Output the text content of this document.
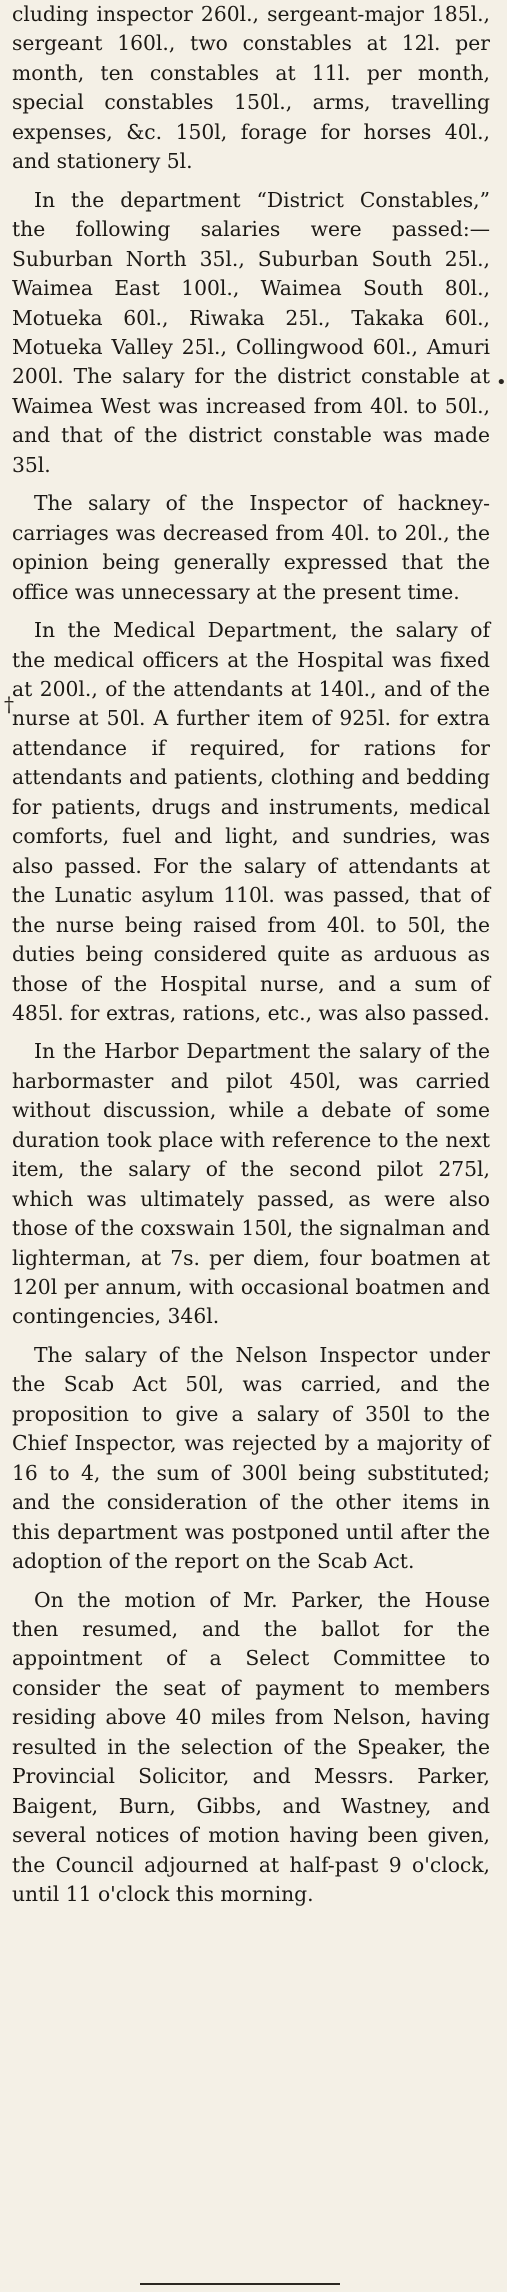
cluding inspector 260l., sergeant-major 185l., sergeant 160l., two constables at 12l. per month, ten constables at 11l. per month, special constables 150l., arms, travelling expenses, &c. 150l, forage for horses 40l., and stationery 5l.

In the department “District Constables,” the following salaries were passed:—Suburban North 35l., Suburban South 25l., Waimea East 100l., Waimea South 80l., Motueka 60l., Riwaka 25l., Takaka 60l., Motueka Valley 25l., Collingwood 60l., Amuri 200l. The salary for the district constable at Waimea West was increased from 40l. to 50l., and that of the district constable was made 35l.

The salary of the Inspector of hackney-carriages was decreased from 40l. to 20l., the opinion being generally expressed that the office was unnecessary at the present time.

In the Medical Department, the salary of the medical officers at the Hospital was fixed at 200l., of the attendants at 140l., and of the nurse at 50l. A further item of 925l. for extra attendance if required, for rations for attendants and patients, clothing and bedding for patients, drugs and instruments, medical comforts, fuel and light, and sundries, was also passed. For the salary of attendants at the Lunatic asylum 110l. was passed, that of the nurse being raised from 40l. to 50l, the duties being considered quite as arduous as those of the Hospital nurse, and a sum of 485l. for extras, rations, etc., was also passed.

In the Harbor Department the salary of the harbormaster and pilot 450l, was carried without discussion, while a debate of some duration took place with reference to the next item, the salary of the second pilot 275l, which was ultimately passed, as were also those of the coxswain 150l, the signalman and lighterman, at 7s. per diem, four boatmen at 120l per annum, with occasional boatmen and contingencies, 346l.

The salary of the Nelson Inspector under the Scab Act 50l, was carried, and the proposition to give a salary of 350l to the Chief Inspector, was rejected by a majority of 16 to 4, the sum of 300l being substituted; and the consideration of the other items in this department was postponed until after the adoption of the report on the Scab Act.

On the motion of Mr. Parker, the House then resumed, and the ballot for the appointment of a Select Committee to consider the seat of payment to members residing above 40 miles from Nelson, having resulted in the selection of the Speaker, the Provincial Solicitor, and Messrs. Parker, Baigent, Burn, Gibbs, and Wastney, and several notices of motion having been given, the Council adjourned at half-past 9 o'clock, until 11 o'clock this morning.

†
•
